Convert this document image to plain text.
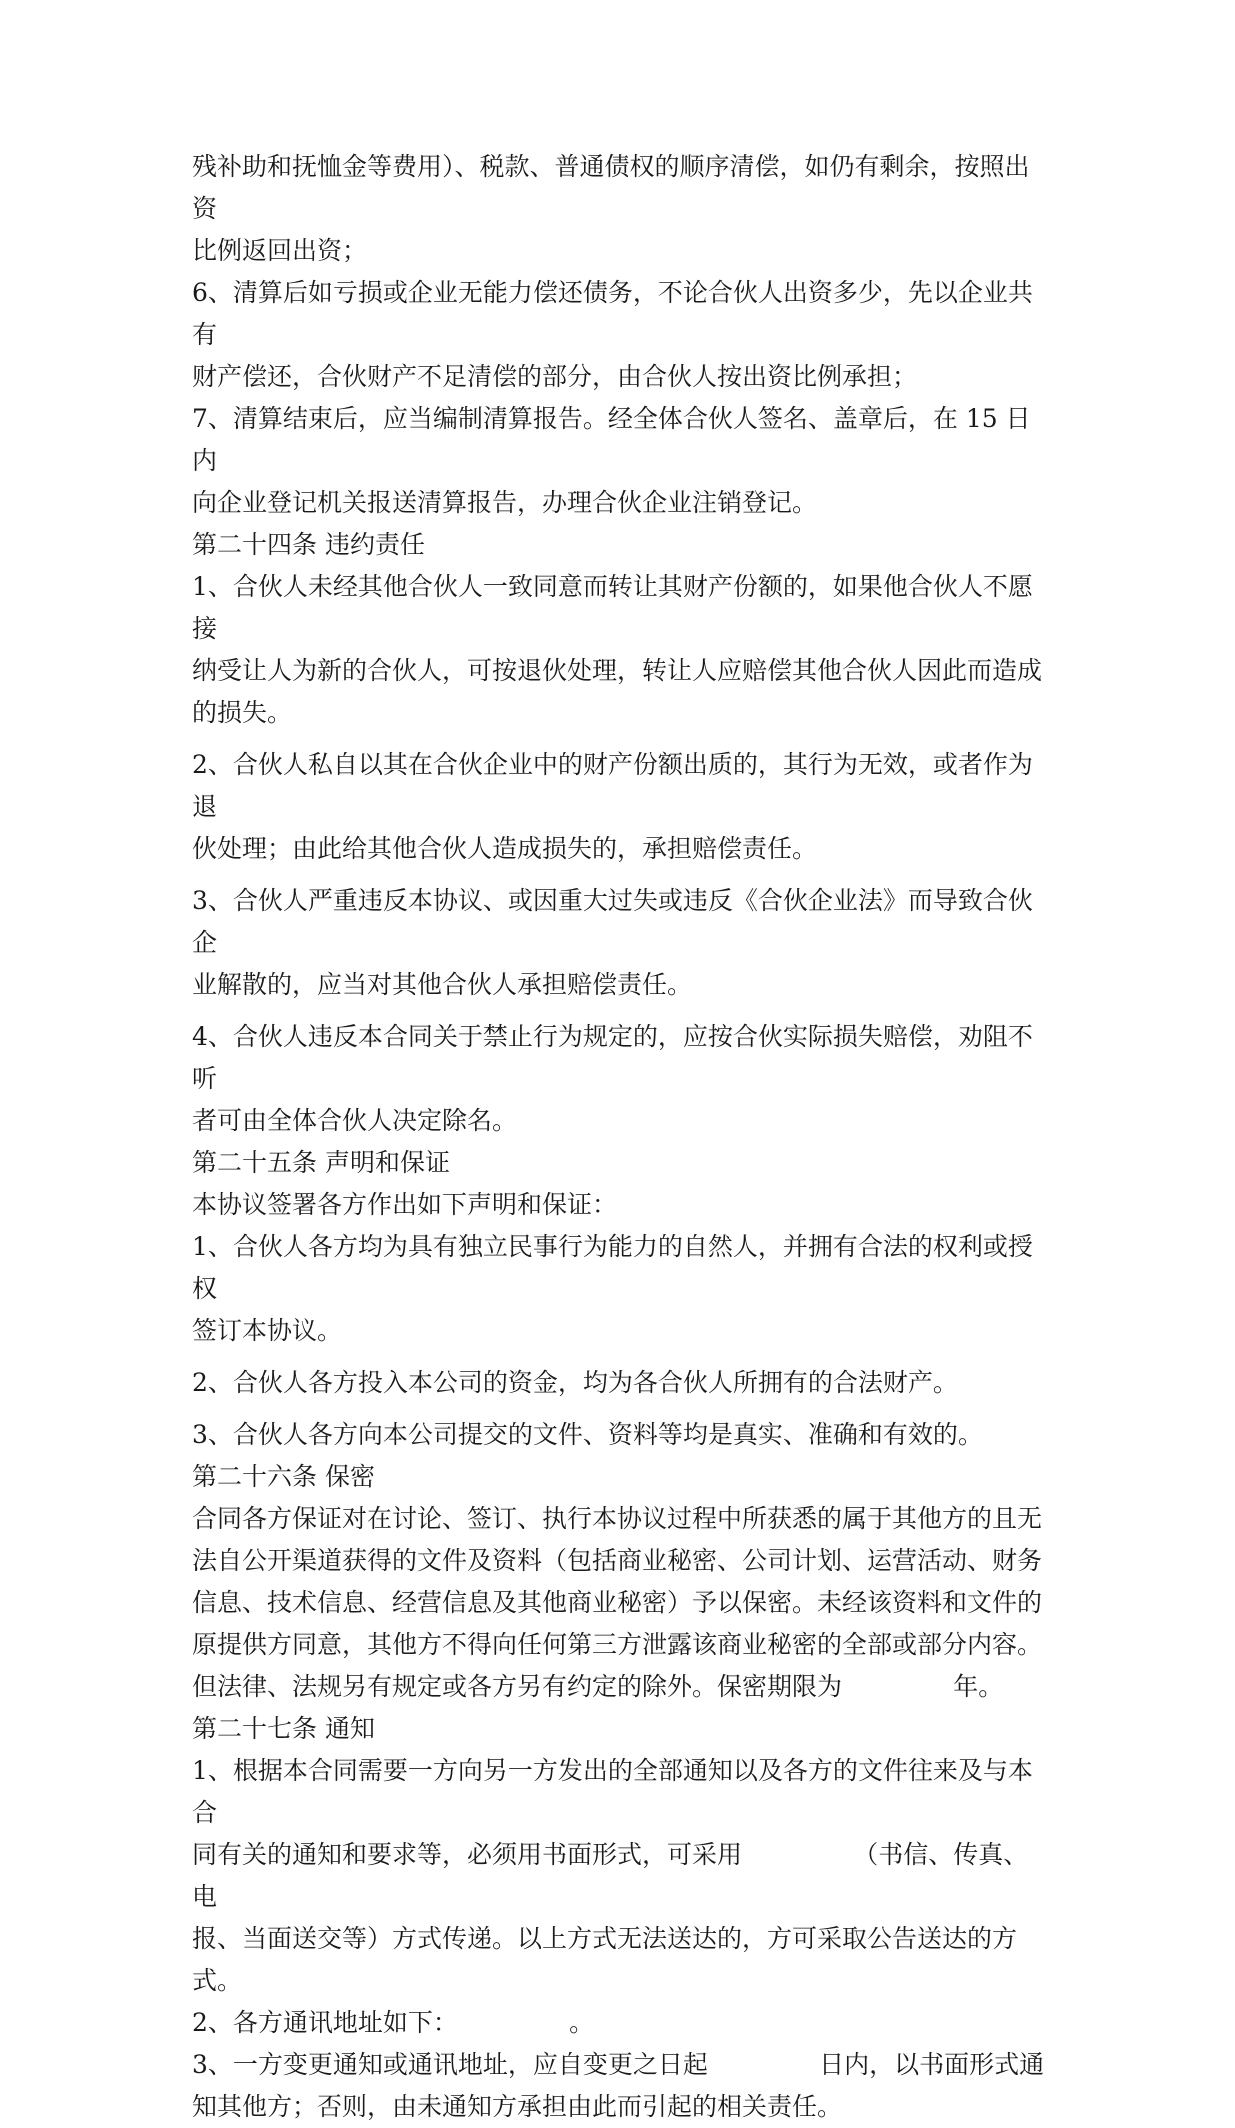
残补助和抚恤金等费用）、税款、普通债权的顺序清偿，如仍有剩余，按照出资

比例返回出资；

6、清算后如亏损或企业无能力偿还债务，不论合伙人出资多少，先以企业共有

财产偿还，合伙财产不足清偿的部分，由合伙人按出资比例承担；

7、清算结束后，应当编制清算报告。经全体合伙人签名、盖章后，在 15 日内

向企业登记机关报送清算报告，办理合伙企业注销登记。

第二十四条 违约责任

1、合伙人未经其他合伙人一致同意而转让其财产份额的，如果他合伙人不愿接

纳受让人为新的合伙人，可按退伙处理，转让人应赔偿其他合伙人因此而造成

的损失。

2、合伙人私自以其在合伙企业中的财产份额出质的，其行为无效，或者作为退

伙处理；由此给其他合伙人造成损失的，承担赔偿责任。

3、合伙人严重违反本协议、或因重大过失或违反《合伙企业法》而导致合伙企

业解散的，应当对其他合伙人承担赔偿责任。

4、合伙人违反本合同关于禁止行为规定的，应按合伙实际损失赔偿，劝阻不听

者可由全体合伙人决定除名。

第二十五条 声明和保证

本协议签署各方作出如下声明和保证：

1、合伙人各方均为具有独立民事行为能力的自然人，并拥有合法的权利或授权

签订本协议。

2、合伙人各方投入本公司的资金，均为各合伙人所拥有的合法财产。

3、合伙人各方向本公司提交的文件、资料等均是真实、准确和有效的。

第二十六条 保密

合同各方保证对在讨论、签订、执行本协议过程中所获悉的属于其他方的且无

法自公开渠道获得的文件及资料（包括商业秘密、公司计划、运营活动、财务

信息、技术信息、经营信息及其他商业秘密）予以保密。未经该资料和文件的

原提供方同意，其他方不得向任何第三方泄露该商业秘密的全部或部分内容。

但法律、法规另有规定或各方另有约定的除外。保密期限为              年。

第二十七条 通知

1、根据本合同需要一方向另一方发出的全部通知以及各方的文件往来及与本合

同有关的通知和要求等，必须用书面形式，可采用              （书信、传真、电

报、当面送交等）方式传递。以上方式无法送达的，方可采取公告送达的方式。

2、各方通讯地址如下：              。

3、一方变更通知或通讯地址，应自变更之日起              日内，以书面形式通

知其他方；否则，由未通知方承担由此而引起的相关责任。
